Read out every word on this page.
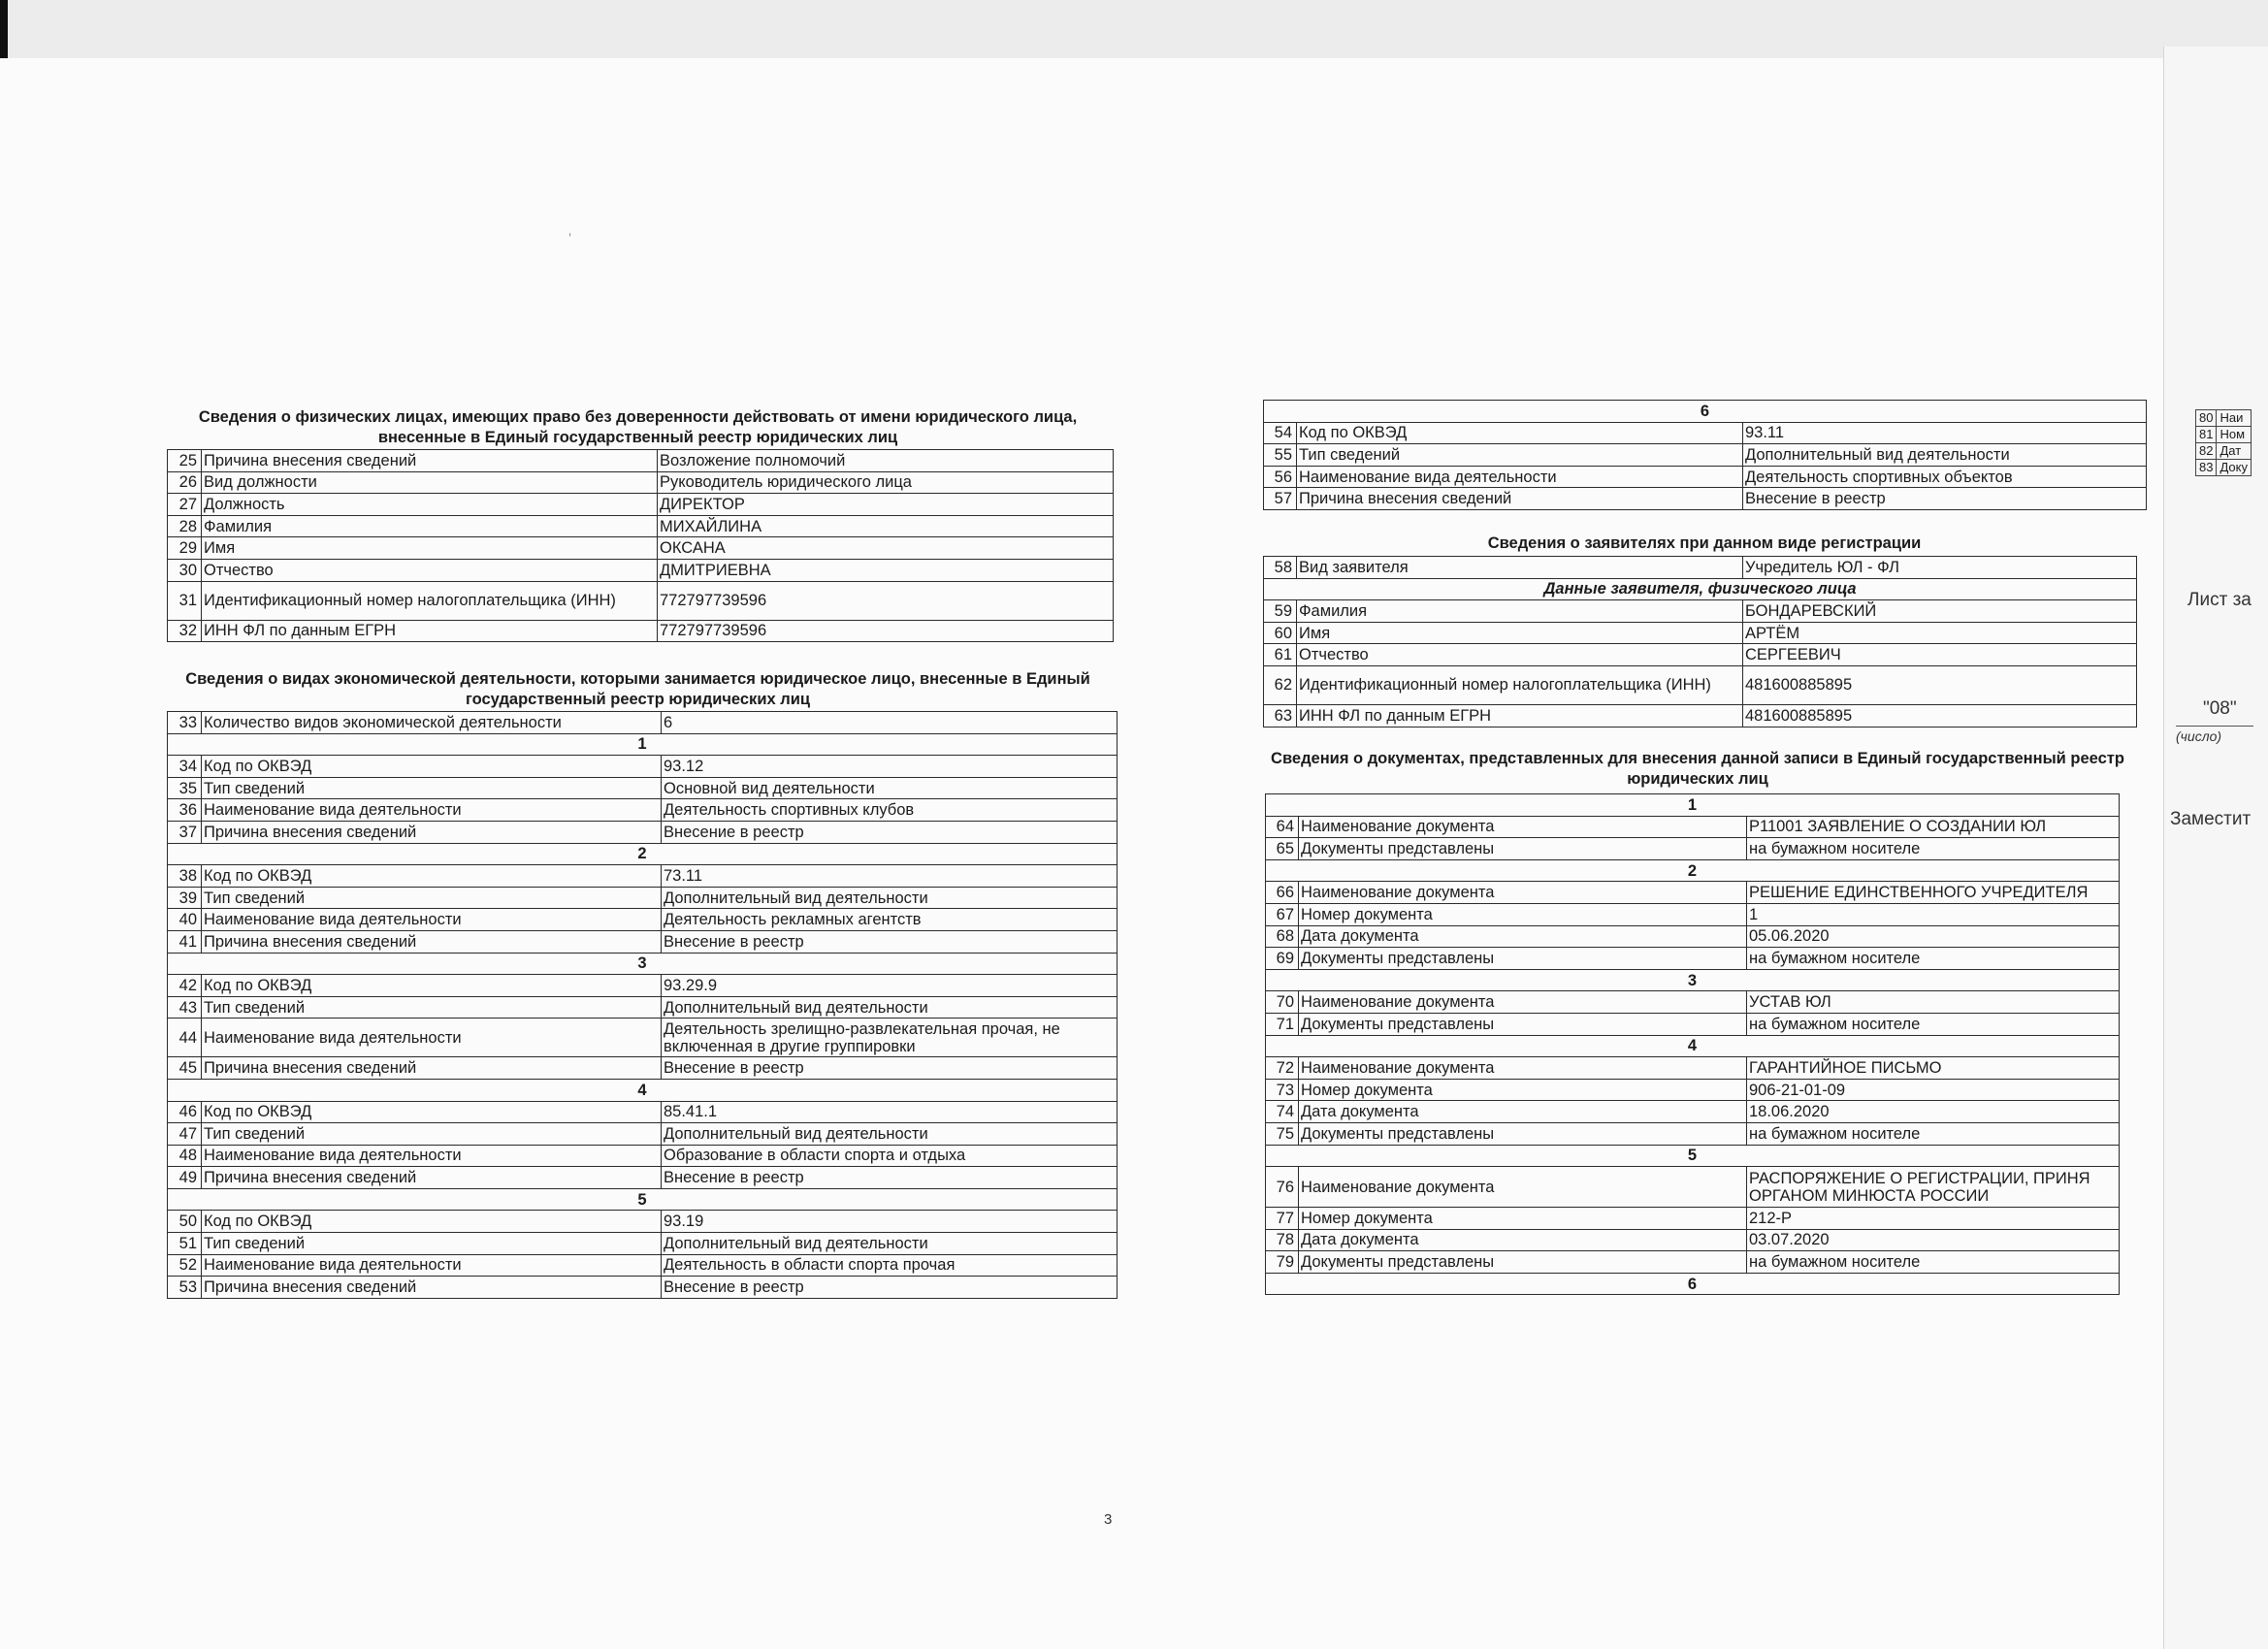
ʼ
Сведения о физических лицах, имеющих право без доверенности действовать от имени юридического лица, внесенные в Единый государственный реестр юридических лиц
25	Причина внесения сведений	Возложение полномочий
26	Вид должности	Руководитель юридического лица
27	Должность	ДИРЕКТОР
28	Фамилия	МИХАЙЛИНА
29	Имя	ОКСАНА
30	Отчество	ДМИТРИЕВНА
31	Идентификационный номер налогоплательщика (ИНН)	772797739596
32	ИНН ФЛ по данным ЕГРН	772797739596
Сведения о видах экономической деятельности, которыми занимается юридическое лицо, внесенные в Единый государственный реестр юридических лиц
33	Количество видов экономической деятельности	6
1		
34	Код по ОКВЭД	93.12
35	Тип сведений	Основной вид деятельности
36	Наименование вида деятельности	Деятельность спортивных клубов
37	Причина внесения сведений	Внесение в реестр
2		
38	Код по ОКВЭД	73.11
39	Тип сведений	Дополнительный вид деятельности
40	Наименование вида деятельности	Деятельность рекламных агентств
41	Причина внесения сведений	Внесение в реестр
3		
42	Код по ОКВЭД	93.29.9
43	Тип сведений	Дополнительный вид деятельности
44	Наименование вида деятельности	Деятельность зрелищно-развлекательная прочая, не включенная в другие группировки
45	Причина внесения сведений	Внесение в реестр
4		
46	Код по ОКВЭД	85.41.1
47	Тип сведений	Дополнительный вид деятельности
48	Наименование вида деятельности	Образование в области спорта и отдыха
49	Причина внесения сведений	Внесение в реестр
5		
50	Код по ОКВЭД	93.19
51	Тип сведений	Дополнительный вид деятельности
52	Наименование вида деятельности	Деятельность в области спорта прочая
53	Причина внесения сведений	Внесение в реестр
3
6		
54	Код по ОКВЭД	93.11
55	Тип сведений	Дополнительный вид деятельности
56	Наименование вида деятельности	Деятельность спортивных объектов
57	Причина внесения сведений	Внесение в реестр
Сведения о заявителях при данном виде регистрации
58	Вид заявителя	Учредитель ЮЛ - ФЛ
Данные заявителя, физического лица		
59	Фамилия	БОНДАРЕВСКИЙ
60	Имя	АРТЁМ
61	Отчество	СЕРГЕЕВИЧ
62	Идентификационный номер налогоплательщика (ИНН)	481600885895
63	ИНН ФЛ по данным ЕГРН	481600885895
Сведения о документах, представленных для внесения данной записи в Единый государственный реестр юридических лиц
1		
64	Наименование документа	Р11001 ЗАЯВЛЕНИЕ О СОЗДАНИИ ЮЛ
65	Документы представлены	на бумажном носителе
2		
66	Наименование документа	РЕШЕНИЕ ЕДИНСТВЕННОГО УЧРЕДИТЕЛЯ
67	Номер документа	1
68	Дата документа	05.06.2020
69	Документы представлены	на бумажном носителе
3		
70	Наименование документа	УСТАВ ЮЛ
71	Документы представлены	на бумажном носителе
4		
72	Наименование документа	ГАРАНТИЙНОЕ ПИСЬМО
73	Номер документа	906-21-01-09
74	Дата документа	18.06.2020
75	Документы представлены	на бумажном носителе
5		
76	Наименование документа	РАСПОРЯЖЕНИЕ О РЕГИСТРАЦИИ, ПРИНЯ ОРГАНОМ МИНЮСТА РОССИИ
77	Номер документа	212-Р
78	Дата документа	03.07.2020
79	Документы представлены	на бумажном носителе
6		
80	Наи
81	Ном
82	Дат
83	Доку
Лист за
"08"
(число)
Заместит
